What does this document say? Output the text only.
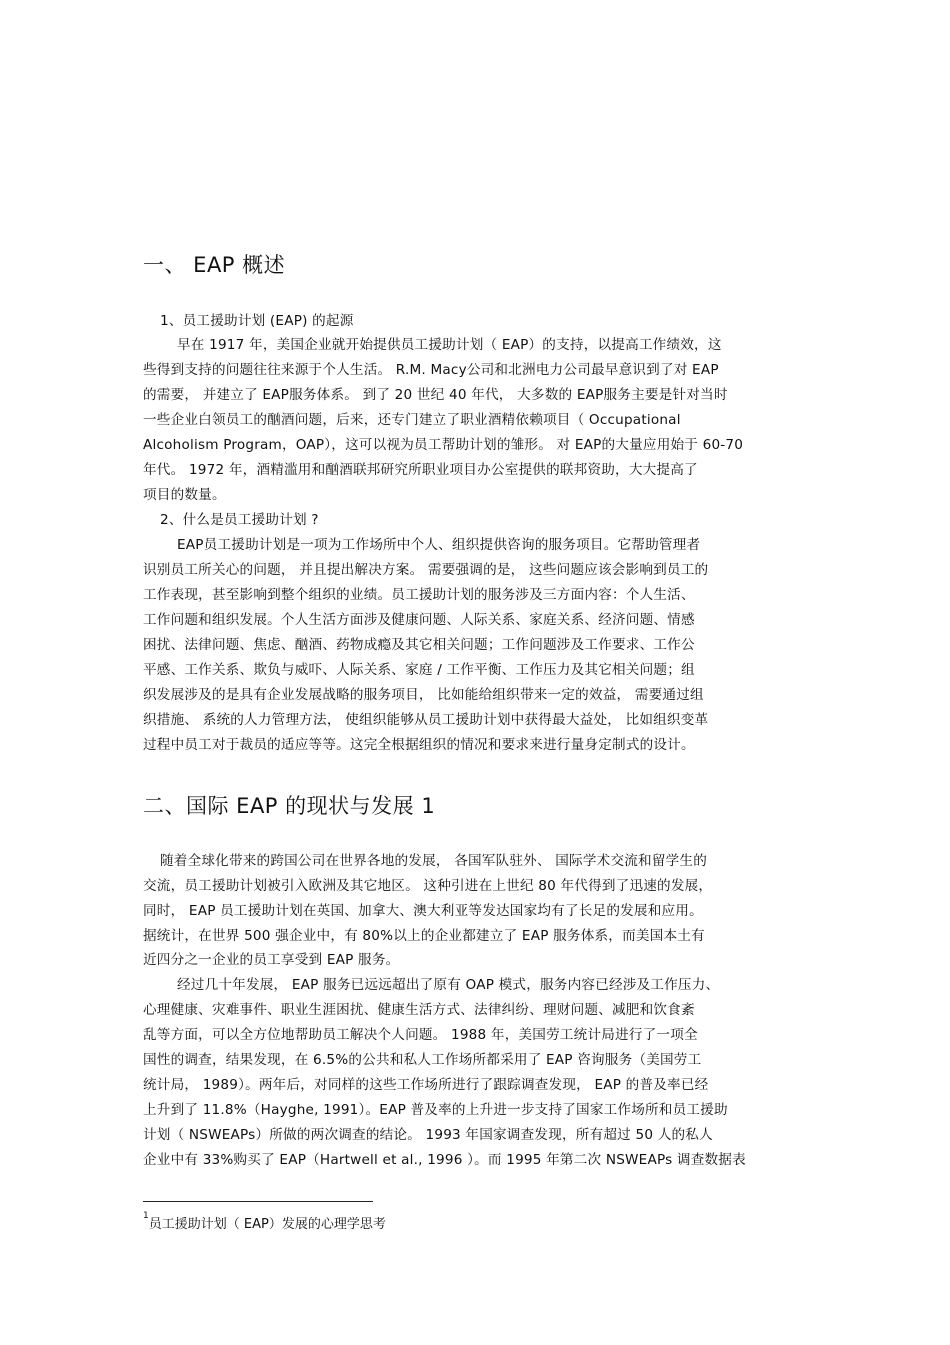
一、 EAP 概述
1、员工援助计划 (EAP) 的起源
早在 1917 年，美国企业就开始提供员工援助计划（ EAP）的支持，以提高工作绩效，这
些得到支持的问题往往来源于个人生活。 R.M. Macy公司和北洲电力公司最早意识到了对 EAP
的需要， 并建立了 EAP服务体系。 到了 20 世纪 40 年代， 大多数的 EAP服务主要是针对当时
一些企业白领员工的酗酒问题，后来，还专门建立了职业酒精依赖项目（ Occupational
Alcoholism Program，OAP），这可以视为员工帮助计划的雏形。 对 EAP的大量应用始于 60-70
年代。 1972 年，酒精滥用和酗酒联邦研究所职业项目办公室提供的联邦资助，大大提高了
项目的数量。
2、什么是员工援助计划 ?
EAP员工援助计划是一项为工作场所中个人、组织提供咨询的服务项目。它帮助管理者
识别员工所关心的问题， 并且提出解决方案。 需要强调的是， 这些问题应该会影响到员工的
工作表现，甚至影响到整个组织的业绩。员工援助计划的服务涉及三方面内容：个人生活、
工作问题和组织发展。个人生活方面涉及健康问题、人际关系、家庭关系、经济问题、情感
困扰、法律问题、焦虑、酗酒、药物成瘾及其它相关问题；工作问题涉及工作要求、工作公
平感、工作关系、欺负与威吓、人际关系、家庭 / 工作平衡、工作压力及其它相关问题；组
织发展涉及的是具有企业发展战略的服务项目， 比如能给组织带来一定的效益， 需要通过组
织措施、 系统的人力管理方法， 使组织能够从员工援助计划中获得最大益处， 比如组织变革
过程中员工对于裁员的适应等等。这完全根据组织的情况和要求来进行量身定制式的设计。
二、国际 EAP 的现状与发展 1
随着全球化带来的跨国公司在世界各地的发展， 各国军队驻外、 国际学术交流和留学生的
交流，员工援助计划被引入欧洲及其它地区。 这种引进在上世纪 80 年代得到了迅速的发展，
同时， EAP 员工援助计划在英国、加拿大、澳大利亚等发达国家均有了长足的发展和应用。
据统计，在世界 500 强企业中，有 80%以上的企业都建立了 EAP 服务体系，而美国本土有
近四分之一企业的员工享受到 EAP 服务。
经过几十年发展， EAP 服务已远远超出了原有 OAP 模式，服务内容已经涉及工作压力、
心理健康、灾难事件、职业生涯困扰、健康生活方式、法律纠纷、理财问题、减肥和饮食紊
乱等方面，可以全方位地帮助员工解决个人问题。 1988 年，美国劳工统计局进行了一项全
国性的调查，结果发现，在 6.5%的公共和私人工作场所都采用了 EAP 咨询服务（美国劳工
统计局， 1989）。两年后，对同样的这些工作场所进行了跟踪调查发现， EAP 的普及率已经
上升到了 11.8%（Hayghe, 1991）。EAP 普及率的上升进一步支持了国家工作场所和员工援助
计划（ NSWEAPs）所做的两次调查的结论。 1993 年国家调查发现，所有超过 50 人的私人
企业中有 33%购买了 EAP（Hartwell et al., 1996 ）。而 1995 年第二次 NSWEAPs 调查数据表
$^1$员工援助计划（ EAP）发展的心理学思考
